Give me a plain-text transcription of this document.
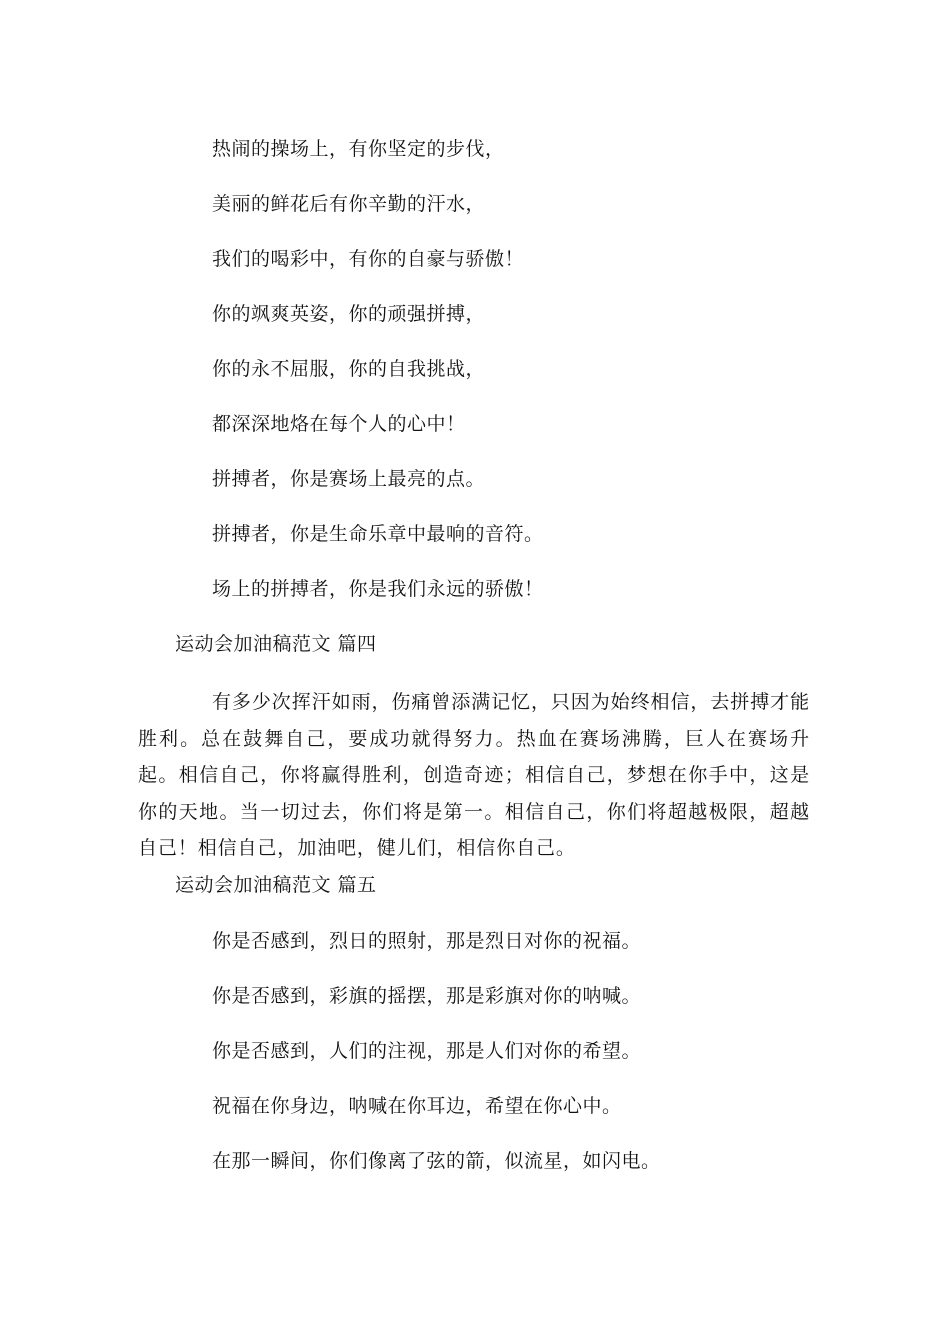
热闹的操场上，有你坚定的步伐，
美丽的鲜花后有你辛勤的汗水，
我们的喝彩中，有你的自豪与骄傲！
你的飒爽英姿，你的顽强拼搏，
你的永不屈服，你的自我挑战，
都深深地烙在每个人的心中！
拼搏者，你是赛场上最亮的点。
拼搏者，你是生命乐章中最响的音符。
场上的拼搏者，你是我们永远的骄傲！
运动会加油稿范文 篇四
有多少次挥汗如雨，伤痛曾添满记忆，只因为始终相信，去拼搏才能胜利。总在鼓舞自己，要成功就得努力。热血在赛场沸腾，巨人在赛场升起。相信自己，你将赢得胜利，创造奇迹；相信自己，梦想在你手中，这是你的天地。当一切过去，你们将是第一。相信自己，你们将超越极限，超越自己！相信自己，加油吧，健儿们，相信你自己。
运动会加油稿范文 篇五
你是否感到，烈日的照射，那是烈日对你的祝福。
你是否感到，彩旗的摇摆，那是彩旗对你的呐喊。
你是否感到，人们的注视，那是人们对你的希望。
祝福在你身边，呐喊在你耳边，希望在你心中。
在那一瞬间，你们像离了弦的箭，似流星，如闪电。
